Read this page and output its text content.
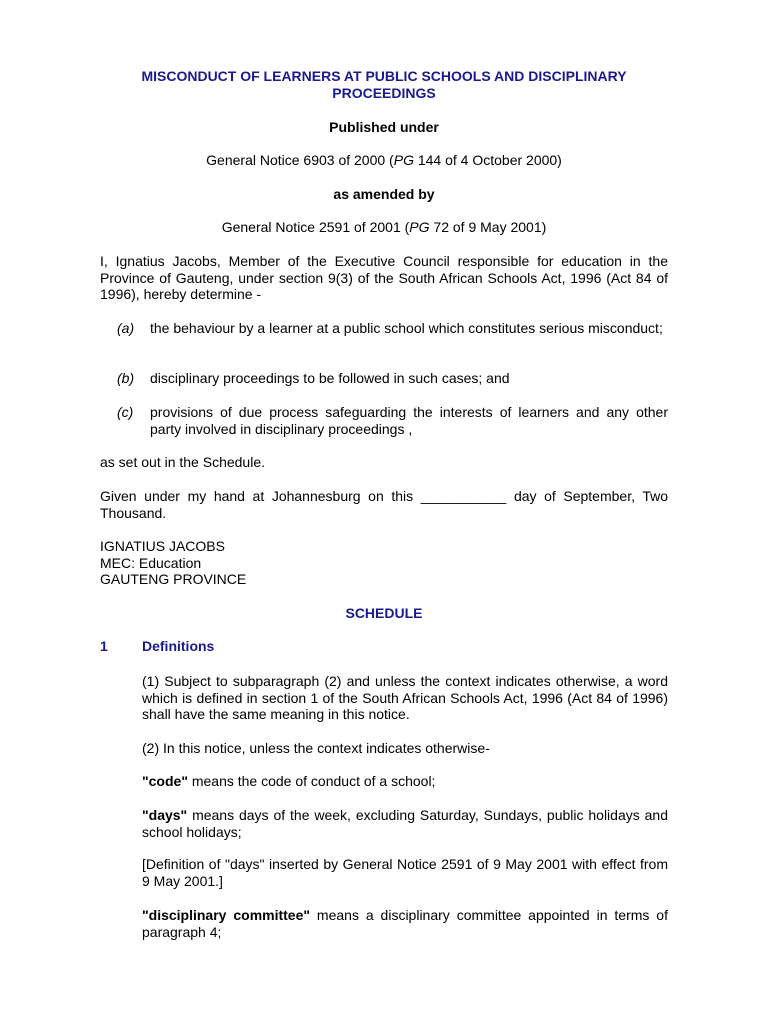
MISCONDUCT OF LEARNERS AT PUBLIC SCHOOLS AND DISCIPLINARY
PROCEEDINGS
Published under
General Notice 6903 of 2000 (PG 144 of 4 October 2000)
as amended by
General Notice 2591 of 2001 (PG 72 of 9 May 2001)
I, Ignatius Jacobs, Member of the Executive Council responsible for education in the Province of Gauteng, under section 9(3) of the South African Schools Act, 1996 (Act 84 of 1996), hereby determine -
(a) the behaviour by a learner at a public school which constitutes serious misconduct;
(b) disciplinary proceedings to be followed in such cases; and
(c) provisions of due process safeguarding the interests of learners and any other party involved in disciplinary proceedings ,
as set out in the Schedule.
Given under my hand at Johannesburg on this ___________ day of September, Two Thousand.
IGNATIUS JACOBS
MEC: Education
GAUTENG PROVINCE
SCHEDULE
1 Definitions
(1) Subject to subparagraph (2) and unless the context indicates otherwise, a word which is defined in section 1 of the South African Schools Act, 1996 (Act 84 of 1996) shall have the same meaning in this notice.
(2) In this notice, unless the context indicates otherwise-
"code" means the code of conduct of a school;
"days" means days of the week, excluding Saturday, Sundays, public holidays and school holidays;
[Definition of "days" inserted by General Notice 2591 of 9 May 2001 with effect from 9 May 2001.]
"disciplinary committee" means a disciplinary committee appointed in terms of paragraph 4;
